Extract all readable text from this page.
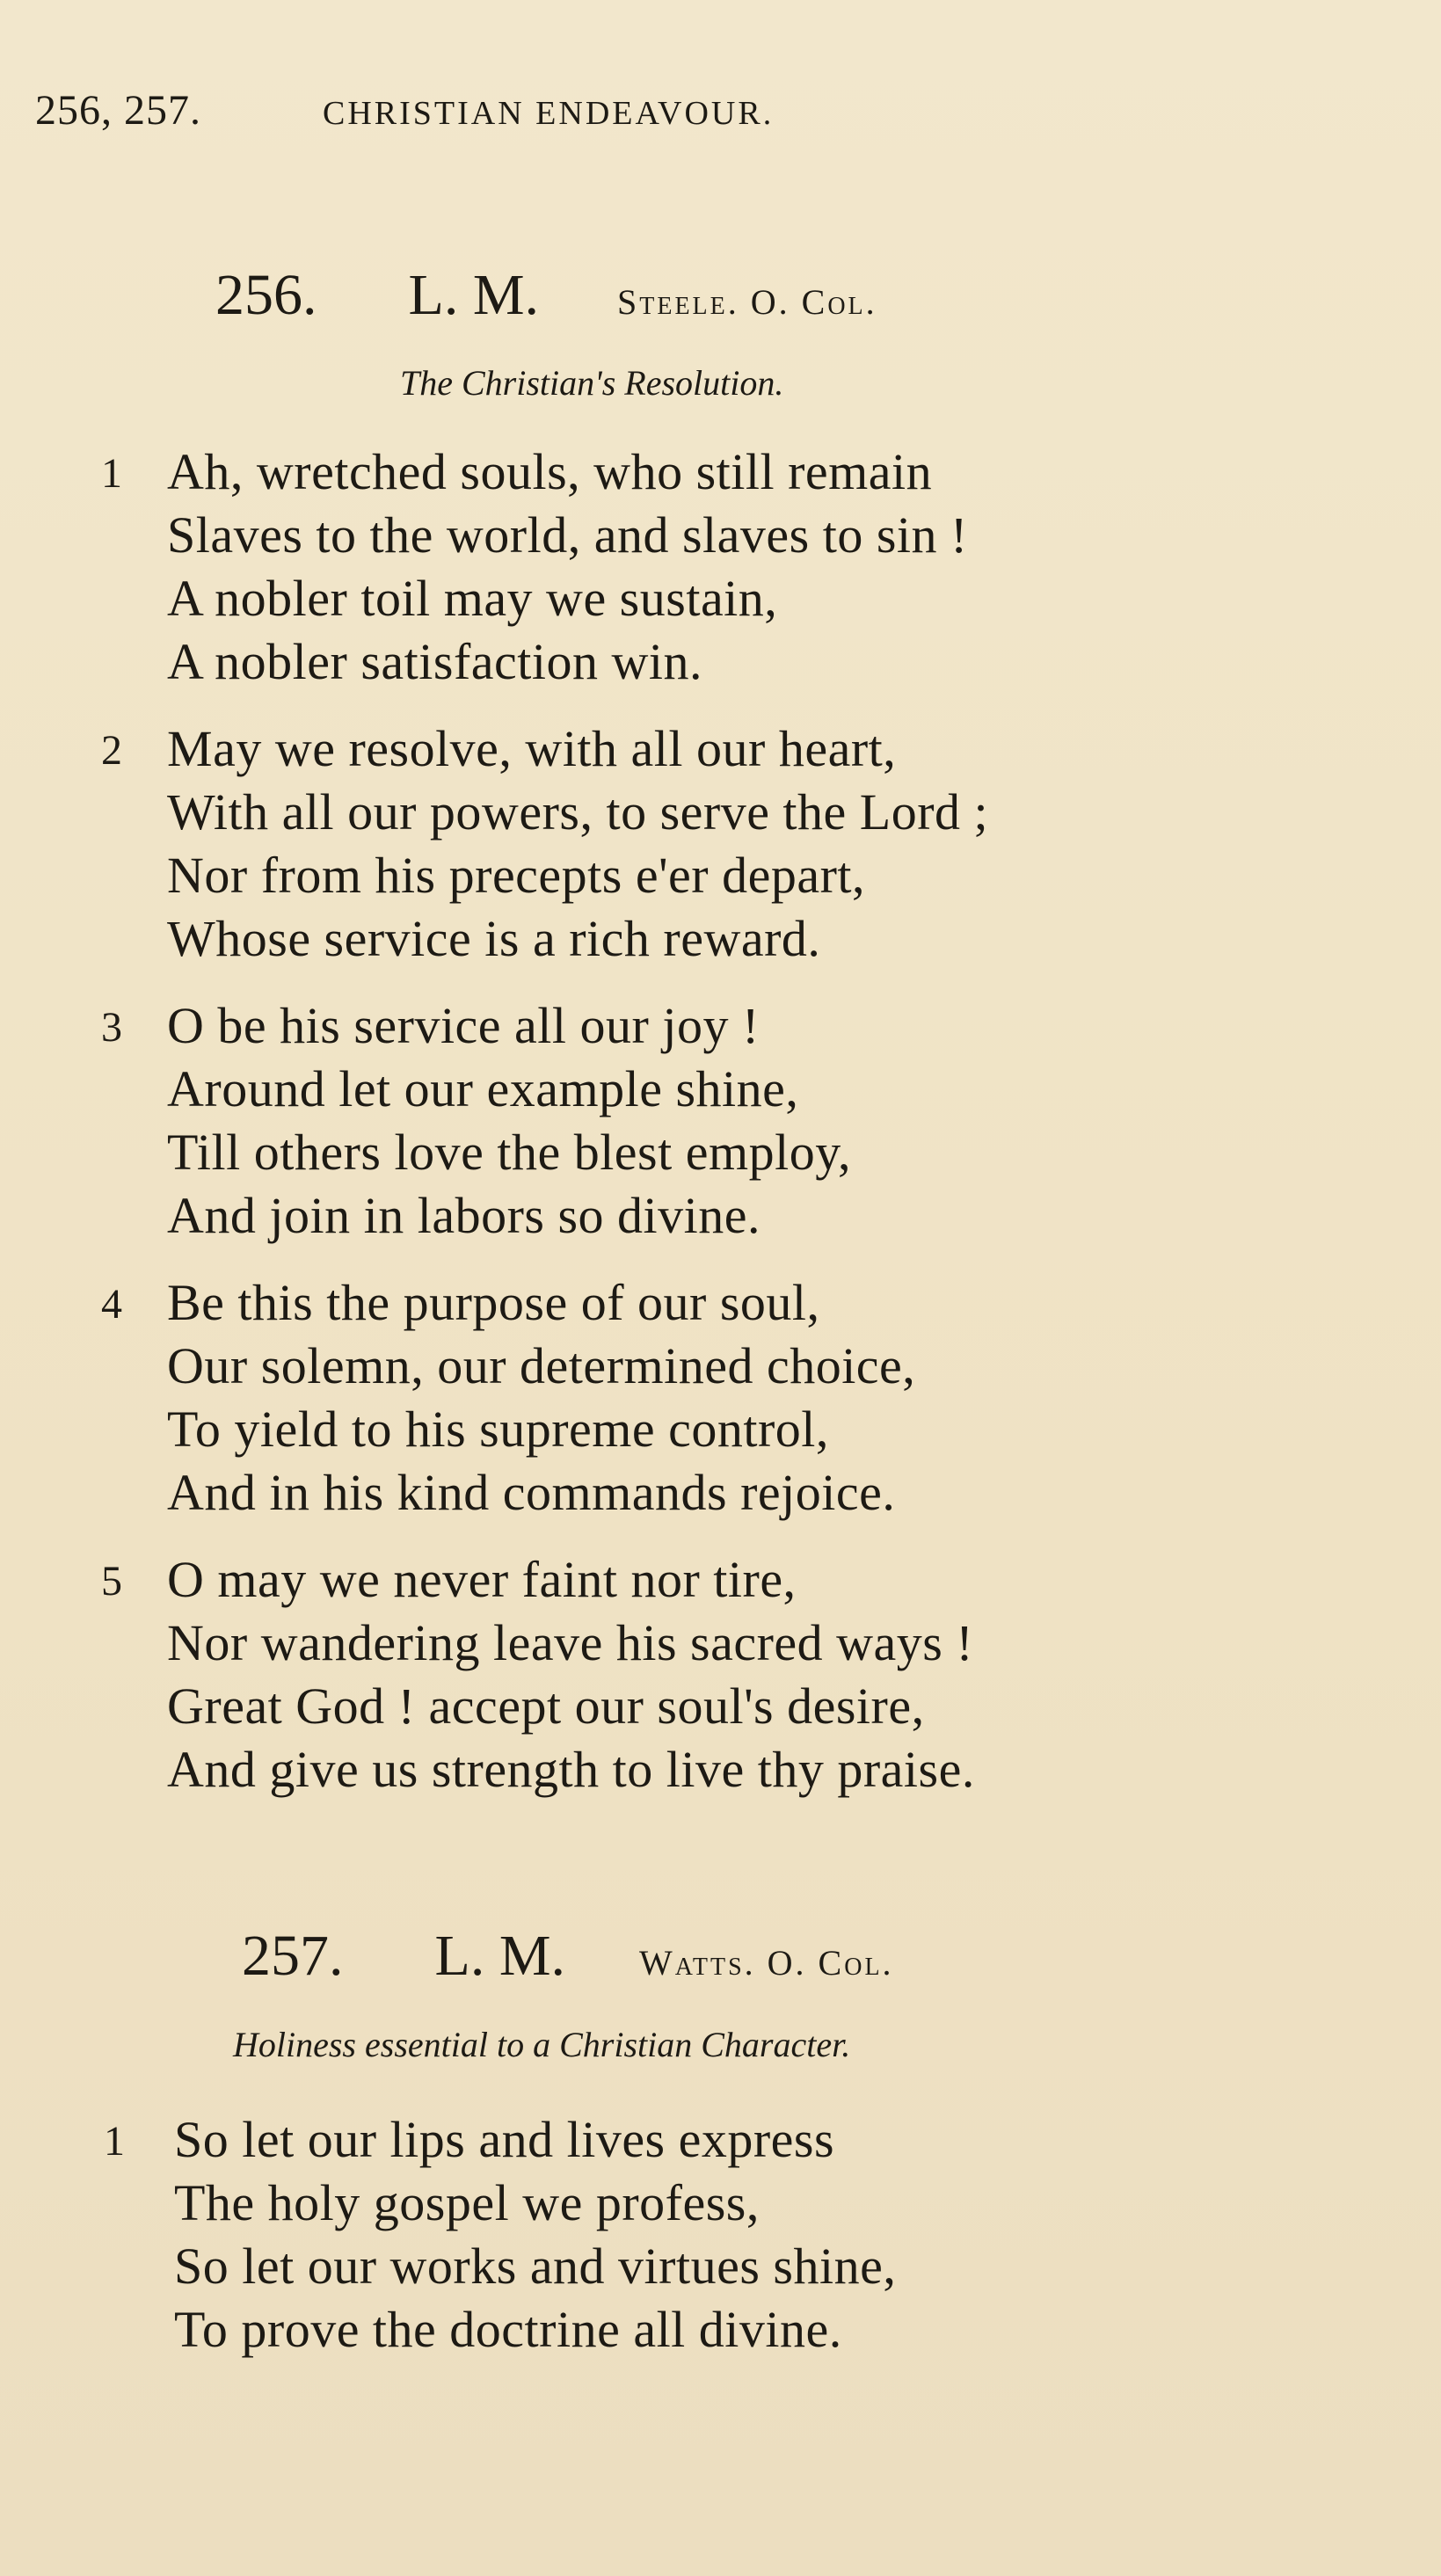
256, 257.	CHRISTIAN ENDEAVOUR.
256. L. M. Steele. O. Col.
The Christian's Resolution.
1 Ah, wretched souls, who still remain
Slaves to the world, and slaves to sin !
A nobler toil may we sustain,
A nobler satisfaction win.
2 May we resolve, with all our heart,
With all our powers, to serve the Lord ;
Nor from his precepts e'er depart,
Whose service is a rich reward.
3 O be his service all our joy !
Around let our example shine,
Till others love the blest employ,
And join in labors so divine.
4 Be this the purpose of our soul,
Our solemn, our determined choice,
To yield to his supreme control,
And in his kind commands rejoice.
5 O may we never faint nor tire,
Nor wandering leave his sacred ways !
Great God ! accept our soul's desire,
And give us strength to live thy praise.
257. L. M. Watts. O. Col.
Holiness essential to a Christian Character.
1 So let our lips and lives express
The holy gospel we profess,
So let our works and virtues shine,
To prove the doctrine all divine.
